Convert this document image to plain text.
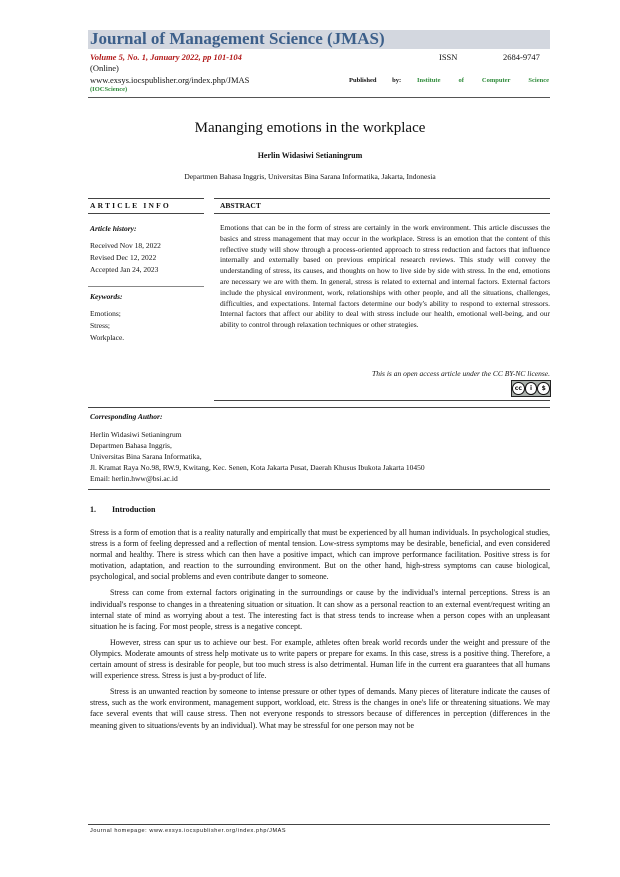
Journal of Management Science (JMAS)
Volume 5, No. 1, January 2022, pp 101-104	ISSN	2684-9747
(Online)
www.exsys.iocspublisher.org/index.php/JMAS	Published by: Institute	of	Computer	Science
(IOCScience)
Mananging emotions in the workplace
Herlin Widasiwi Setianingrum
Departmen Bahasa Inggris, Universitas Bina Sarana Informatika, Jakarta, Indonesia
ARTICLE INFO	ABSTRACT
Article history:
Received Nov 18, 2022
Revised Dec 12, 2022
Accepted Jan 24, 2023
Keywords:
Emotions;
Stress;
Workplace.
Emotions that can be in the form of stress are certainly in the work environment. This article discusses the basics and stress management that may occur in the workplace. Stress is an emotion that the content of this reflective study will show through a process-oriented approach to stress reduction and factors that influence internally and externally based on previous empirical research reviews. This study will convey the understanding of stress, its causes, and thoughts on how to live side by side with stress. In the end, emotions are necessary we are with them. In general, stress is related to external and internal factors. External factors include the physical environment, work, relationships with other people, and all the situations, challenges, difficulties, and expectations. Internal factors determine our body's ability to respond to external stressors. Internal factors that affect our ability to deal with stress include our health, emotional well-being, and our ability to control through relaxation techniques or other strategies.
This is an open access article under the CC BY-NC license.
cc	i	$
Corresponding Author:
Herlin Widasiwi Setianingrum
Departmen Bahasa Inggris,
Universitas Bina Sarana Informatika,
Jl. Kramat Raya No.98, RW.9, Kwitang, Kec. Senen, Kota Jakarta Pusat, Daerah Khusus Ibukota Jakarta 10450
Email: herlin.hww@bsi.ac.id
1. Introduction

Stress is a form of emotion that is a reality naturally and empirically that must be experienced by all human individuals. In psychological studies, stress is a form of feeling depressed and a reflection of mental tension. Low-stress symptoms may be desirable, beneficial, and even considered normal and healthy. There is stress which can then have a positive impact, which can improve performance facilitation. Positive stress is for motivation, adaptation, and reaction to the surrounding environment. But on the other hand, high-stress symptoms can cause biological, psychological, and social problems and even contribute danger to someone.

Stress can come from external factors originating in the surroundings or cause by the individual's internal perceptions. Stress is an individual's response to changes in a threatening situation or situation. It can show as a personal reaction to an external event/request writing an internal state of mind as worrying about a test. The interesting fact is that stress tends to increase when a person copes with an unpleasant situation he is facing. For most people, stress is a negative concept.

However, stress can spur us to achieve our best. For example, athletes often break world records under the weight and pressure of the Olympics. Moderate amounts of stress help motivate us to write papers or prepare for exams. In this case, stress is a positive thing. Therefore, a certain amount of stress is desirable for people, but too much stress is also detrimental. Human life in the current era guarantees that all humans will experience stress. Stress is just a by-product of life.

Stress is an unwanted reaction by someone to intense pressure or other types of demands. Many pieces of literature indicate the causes of stress, such as the work environment, management support, workload, etc. Stress is the changes in one's life or threatening situations. We may face several events that will cause stress. Then not everyone responds to stressors because of differences in perception (differences in the meaning given to situations/events by an individual). What may be stressful for one person may not be

Journal homepage: www.exsys.iocspublisher.org/index.php/JMAS
